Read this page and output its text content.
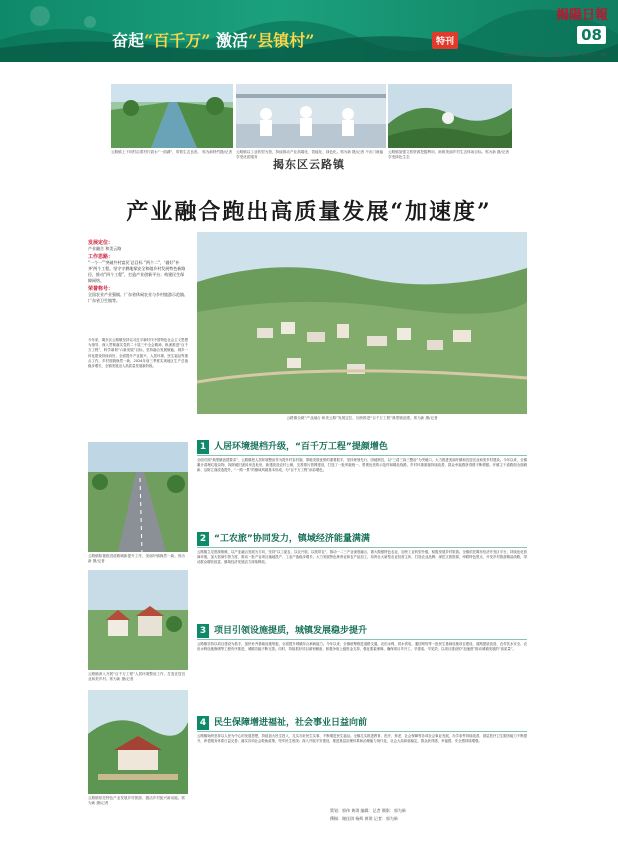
奋起“百千万” 激活“县镇村”	特刊
揭陽日報
08
2024年10月15日 星期二 责编：XX 美编：XX 校对：XX
云路镇上下坝村沿着村行碧水“一面湖”，带着生态良美。 郭为新特约摄/记者 云路镇以工业转型为契，持续推动产业高端化、智能化、绿色化。郭为新 摄/记者 不出门就能享受优质服务
云路镇加强文旅资源挖掘利用，助推美丽乡村生态休闲目标。郭为新 摄/记者 享受绿色生态
揭东区云路镇
产业融合跑出高质量发展“加速度”
发展定位：

产业融合 和美云路

工作思路：

“一个一”‘突破共村富民’总目标 “两个二”，‘做好”补齐‘两个工程。坚守守耕地保安全和做乡村发展特色新路径，推动“四个工程”，打造产业创新平台；构建民生保障网络。

荣誉称号：

全国农业产业强镇、广东省休闲农业与乡村旅游示范镇、广东省卫生镇等。

今年来，揭东区云路镇坚持以习近平新时代中国特色社会主义思想为指导，深入贯彻落实党的二十届三中全会精神，纵深推进“百千万工程”，科学谋划“六新发展”目标，坚持融合发展赋能，城乡一体化建设持续向好，全面提升产业振兴、人居环境、民生福祉等重点工作，乡村面貌焕然一新，2024年前三季度实现地区生产总值稳步增长，全镇发展迈入高质量发展新阶段。
云路镇全貌“产业融合 和美云路”发展定位，加快推进“百千万工程”典型镇创建。郭为新 摄/记者
云路镇积极推进道路刷新提升工作，美丽圩镇焕然一新。郭为新 摄/记者
云路镇深入开展“百千万工程”人居环境整治工作，打造宜居宜业和美乡村。郭为新 摄/记者
云路镇依托特色产业发展乡村旅游，激活乡村振兴新动能。郭为新 摄/记者
1 人居环境提档升级，“百千万工程”提颜增色
全面对照“典型镇创建要求”，云路镇把人居环境整治作为提升村容村貌、厚植发展优势的重要抓手，坚持规划先行、因地制宜，以“三清三拆三整治”为突破口，大力推进美丽圩镇和宜居宜业和美乡村建设。今年以来，全镇累计清理垃圾杂物、拆除破旧泥砖房及危房，新建改造农村公厕，完善排污管网建设，打造了一批风貌统一、景观优美的示范村和精品线路，乡村环境面貌持续改善，群众幸福感获得感不断增强。圩镇主干道路面全面刷新、沿街立面改造提升，“一路一景”的镇域风貌基本形成，为“百千万工程”添彩增色。
2 “工农旅”协同发力，镇域经济能量满满
云路镇立足资源禀赋，以产业融合发展为方向，坚持“以工促农、以农兴旅、以旅带农”，推动一二三产业深度融合，做大做强特色农业、加快工业转型升级，积极发展乡村旅游。全镇依托揭东经济开发区平台，持续优化营商环境，加大招商引资力度，推动一批产业项目落地投产，工业产值稳步增长；大力发展特色种养业和农产品加工，培育壮大新型农业经营主体，打造农业品牌；深挖文旅资源，串联特色景点，开发乡村旅游精品线路，带动群众增收致富，镇域经济发展活力持续释放。
3 项目引领设施提质，城镇发展稳步提升
云路镇坚持以项目建设为抓手，加快补齐基础设施短板，全面提升城镇综合承载能力。今年以来，全镇统筹推进道路交通、农田水利、供水供电、通信网络等一批民生基础设施项目建设，道路提质改造、农村饮水安全、农田水利设施修缮等工程有序推进，城镇功能不断完善。同时，持续抓好项目谋划储备，积极争取上级资金支持，强化要素保障，确保项目早开工、早建成、早见效，以项目建设的“加速度”推动城镇发展的“高质量”。
4 民生保障增进福祉，社会事业日益向前
云路镇始终坚持以人民为中心的发展思想，持续加大民生投入，扎实办好民生实事，不断增进民生福祉。全镇扎实推进教育、医疗、养老、社会保障等各项社会事业发展，办学条件持续改善，基层医疗卫生服务能力不断提升，养老服务体系日益完善；落实各项社会救助政策，兜牢民生底线；深入开展平安建设，推进基层治理体系和治理能力现代化，社会大局和谐稳定，群众获得感、幸福感、安全感持续增强。
策划：郭伟 黄琪 编辑：记者 摄影：郭为新
撰稿：谢佳琪 杨辉 黄琪 记者：郭为新
